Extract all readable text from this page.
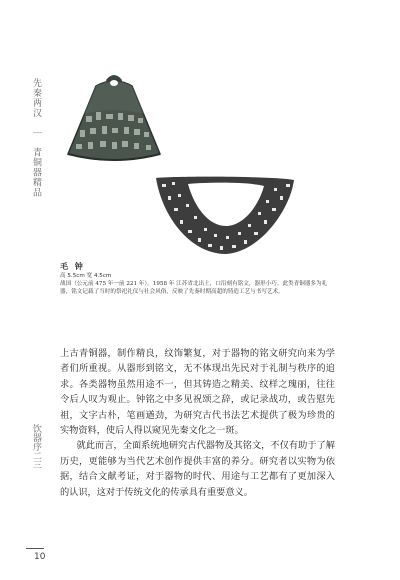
先秦两汉 ｜ 青铜器精品
毛 钟
高 5.5cm 宽 4.5cm
战国（公元前 475 年一前 221 年）。1958 年 江苏省北出土，口沿刻有铭文，器形小巧。此类青铜器多为礼器，铭文记载了当时的祭祀礼仪与社会风俗，反映了先秦时期高超的铸造工艺与书写艺术。

上古青铜器，制作精良，纹饰繁复，对于器物的铭文研究向来为学者们所重视。从器形到铭文，无不体现出先民对于礼制与秩序的追求。各类器物虽然用途不一，但其铸造之精美、纹样之瑰丽，往往令后人叹为观止。钟铭之中多见祝颂之辞，或记录战功，或告慰先祖，文字古朴，笔画遒劲，为研究古代书法艺术提供了极为珍贵的实物资料，使后人得以窥见先秦文化之一斑。

就此而言，全面系统地研究古代器物及其铭文，不仅有助于了解历史，更能够为当代艺术创作提供丰富的养分。研究者以实物为依据，结合文献考证，对于器物的时代、用途与工艺都有了更加深入的认识，这对于传统文化的传承具有重要意义。

饮器序二三
10
